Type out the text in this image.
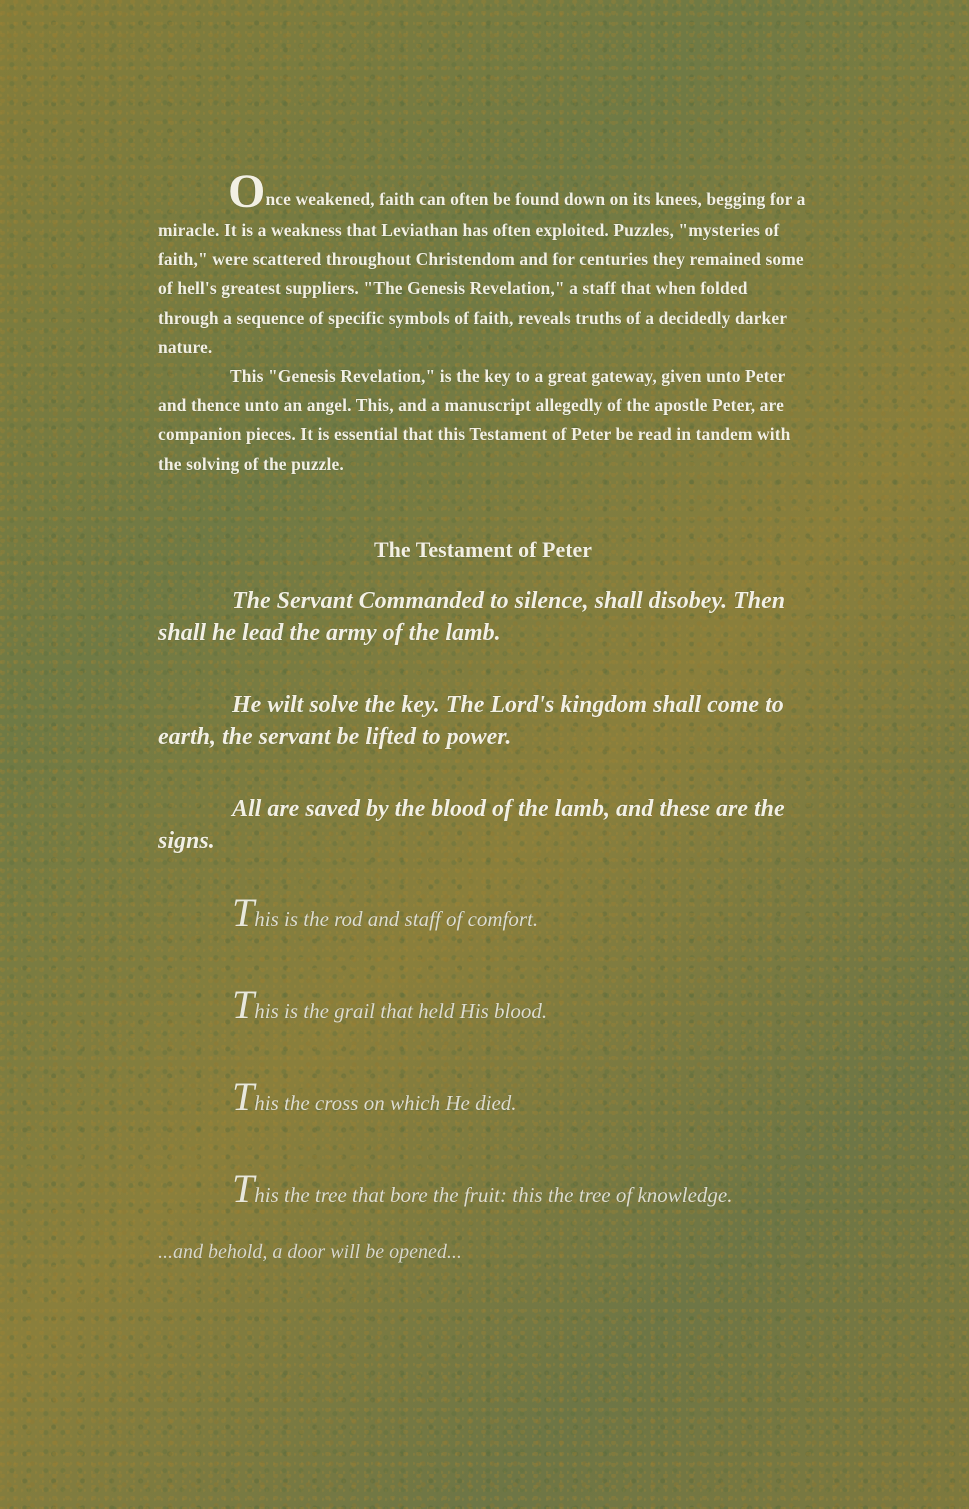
Once weakened, faith can often be found down on its knees, begging for a miracle. It is a weakness that Leviathan has often exploited. Puzzles, "mysteries of faith," were scattered throughout Christendom and for centuries they remained some of hell's greatest suppliers. "The Genesis Revelation," a staff that when folded through a sequence of specific symbols of faith, reveals truths of a decidedly darker nature.

This "Genesis Revelation," is the key to a great gateway, given unto Peter and thence unto an angel. This, and a manuscript allegedly of the apostle Peter, are companion pieces. It is essential that this Testament of Peter be read in tandem with the solving of the puzzle.

The Testament of Peter

The Servant Commanded to silence, shall disobey. Then shall he lead the army of the lamb.

He wilt solve the key. The Lord's kingdom shall come to earth, the servant be lifted to power.

All are saved by the blood of the lamb, and these are the signs.

This is the rod and staff of comfort.

This is the grail that held His blood.

This the cross on which He died.

This the tree that bore the fruit: this the tree of knowledge.

...and behold, a door will be opened...
